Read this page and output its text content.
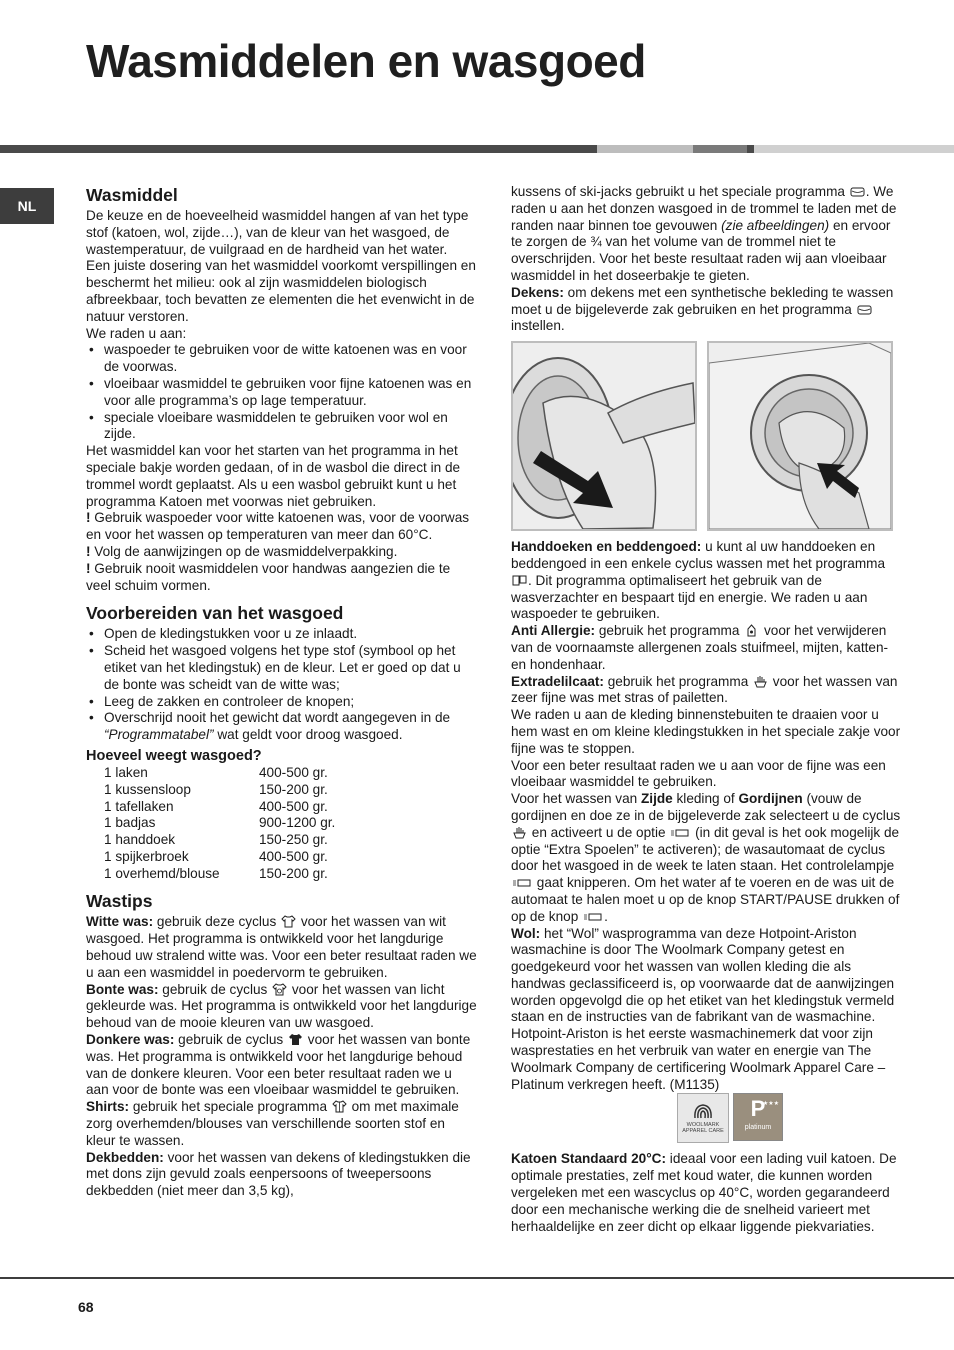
Wasmiddelen en wasgoed
NL
Wasmiddel

De keuze en de hoeveelheid wasmiddel hangen af van het type stof (katoen, wol, zijde…), van de kleur van het wasgoed, de wastemperatuur, de vuilgraad en de hardheid van het water.

Een juiste dosering van het wasmiddel voorkomt verspillingen en beschermt het milieu: ook al zijn wasmiddelen biologisch afbreekbaar, toch bevatten ze elementen die het evenwicht in de natuur verstoren.

We raden u aan:

• waspoeder te gebruiken voor de witte katoenen was en voor de voorwas.
• vloeibaar wasmiddel te gebruiken voor fijne katoenen was en voor alle programma’s op lage temperatuur.
• speciale vloeibare wasmiddelen te gebruiken voor wol en zijde.

Het wasmiddel kan voor het starten van het programma in het speciale bakje worden gedaan, of in de wasbol die direct in de trommel wordt geplaatst. Als u een wasbol gebruikt kunt u het programma Katoen met voorwas niet gebruiken.

! Gebruik waspoeder voor witte katoenen was, voor de voorwas en voor het wassen op temperaturen van meer dan 60°C.

! Volg de aanwijzingen op de wasmiddelverpakking.

! Gebruik nooit wasmiddelen voor handwas aangezien die te veel schuim vormen.

Voorbereiden van het wasgoed
• Open de kledingstukken voor u ze inlaadt.
• Scheid het wasgoed volgens het type stof (symbool op het etiket van het kledingstuk) en de kleur. Let er goed op dat u de bonte was scheidt van de witte was;
• Leeg de zakken en controleer de knopen;
• Overschrijd nooit het gewicht dat wordt aangegeven in de “Programmatabel” wat geldt voor droog wasgoed.
Hoeveel weegt wasgoed?
1 laken	400-500 gr.
1 kussensloop	150-200 gr.
1 tafellaken	400-500 gr.
1 badjas	900-1200 gr.
1 handdoek	150-250 gr.
1 spijkerbroek	400-500 gr.
1 overhemd/blouse	150-200 gr.
Wastips

Witte was: gebruik deze cyclus  voor het wassen van wit wasgoed. Het programma is ontwikkeld voor het langdurige behoud uw stralend witte was. Voor een beter resultaat raden we u aan een wasmiddel in poedervorm te gebruiken.

Bonte was: gebruik de cyclus  voor het wassen van licht gekleurde was. Het programma is ontwikkeld voor het langdurige behoud van de mooie kleuren van uw wasgoed.

Donkere was: gebruik de cyclus  voor het wassen van bonte was. Het programma is ontwikkeld voor het langdurige behoud van de donkere kleuren. Voor een beter resultaat raden we u aan voor de bonte was een vloeibaar wasmiddel te gebruiken.

Shirts: gebruik het speciale programma  om met maximale zorg overhemden/blouses van verschillende soorten stof en kleur te wassen.

Dekbedden: voor het wassen van dekens of kledingstukken die met dons zijn gevuld zoals eenpersoons of tweepersoons dekbedden (niet meer dan 3,5 kg),

kussens of ski-jacks gebruikt u het speciale programma . We raden u aan het donzen wasgoed in de trommel te laden met de randen naar binnen toe gevouwen (zie afbeeldingen) en ervoor te zorgen de ¾ van het volume van de trommel niet te overschrijden. Voor het beste resultaat raden wij aan vloeibaar wasmiddel in het doseerbakje te gieten.

Dekens: om dekens met een synthetische bekleding te wassen moet u de bijgeleverde zak gebruiken en het programma  instellen.

Handdoeken en beddengoed: u kunt al uw handdoeken en beddengoed in een enkele cyclus wassen met het programma . Dit programma optimaliseert het gebruik van de wasverzachter en bespaart tijd en energie. We raden u aan waspoeder te gebruiken.

Anti Allergie: gebruik het programma  voor het verwijderen van de voornaamste allergenen zoals stuifmeel, mijten, katten- en hondenhaar.

Extradelilcaat: gebruik het programma  voor het wassen van zeer fijne was met stras of pailetten.

We raden u aan de kleding binnenstebuiten te draaien voor u hem wast en om kleine kledingstukken in het speciale zakje voor fijne was te stoppen.

Voor een beter resultaat raden we u aan voor de fijne was een vloeibaar wasmiddel te gebruiken.

Voor het wassen van Zijde kleding of Gordijnen (vouw de gordijnen en doe ze in de bijgeleverde zak selecteert u de cyclus  en activeert u de optie  (in dit geval is het ook mogelijk de optie “Extra Spoelen” te activeren); de wasautomaat de cyclus door het wasgoed in de week te laten staan. Het controlelampje  gaat knipperen. Om het water af te voeren en de was uit de automaat te halen moet u op de knop START/PAUSE drukken of op de knop .

Wol: het “Wol” wasprogramma van deze Hotpoint-Ariston wasmachine is door The Woolmark Company getest en goedgekeurd voor het wassen van wollen kleding die als handwas geclassificeerd is, op voorwaarde dat de aanwijzingen worden opgevolgd die op het etiket van het kledingstuk vermeld staan en de instructies van de fabrikant van de wasmachine. Hotpoint-Ariston is het eerste wasmachinemerk dat voor zijn wasprestaties en het verbruik van water en energie van The Woolmark Company de certificering Woolmark Apparel Care – Platinum verkregen heeft. (M1135)

WOOLMARK
APPAREL CARE
★★★
P
platinum

Katoen Standaard 20°C: ideaal voor een lading vuil katoen. De optimale prestaties, zelf met koud water, die kunnen worden vergeleken met een wascyclus op 40°C, worden gegarandeerd door een mechanische werking die de snelheid varieert met herhaaldelijke en zeer dicht op elkaar liggende piekvariaties.

68
